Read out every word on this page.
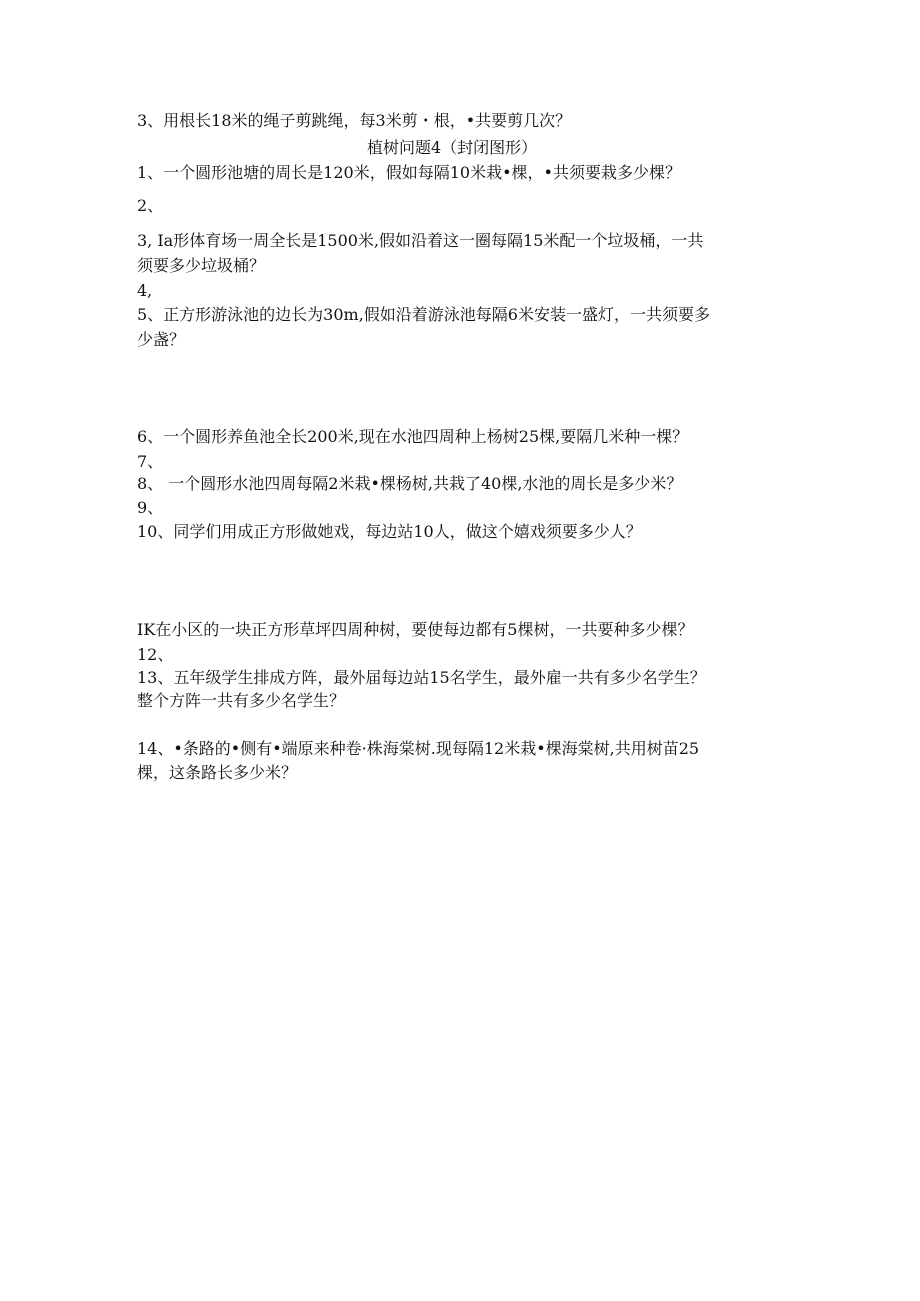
3、用根长18米的绳子剪跳绳，每3米剪・根，•共要剪几次？
植树问题4（封闭图形）
1、一个圆形池塘的周长是120米，假如每隔10米栽•棵，•共须要栽多少棵？
2、
3, Ia形体育场一周全长是1500米,假如沿着这一圈每隔15米配一个垃圾桶，一共
须要多少垃圾桶？
4,
5、正方形游泳池的边长为30m,假如沿着游泳池每隔6米安装一盛灯，一共须要多
少盏？
6、一个圆形养鱼池全长200米,现在水池四周种上杨树25棵,要隔几米种一棵？
7、
8、 一个圆形水池四周每隔2米栽•棵杨树,共栽了40棵,水池的周长是多少米？
9、
10、同学们用成正方形做她戏，每边站10人，做这个嬉戏须要多少人？
IK在小区的一块正方形草坪四周种树，要使每边都有5棵树，一共要种多少棵？
12、
13、五年级学生排成方阵，最外届每边站15名学生，最外雇一共有多少名学生？
整个方阵一共有多少名学生？
14、•条路的•侧有•端原来种卷·株海棠树.现每隔12米栽•棵海棠树,共用树苗25
棵，这条路长多少米？
